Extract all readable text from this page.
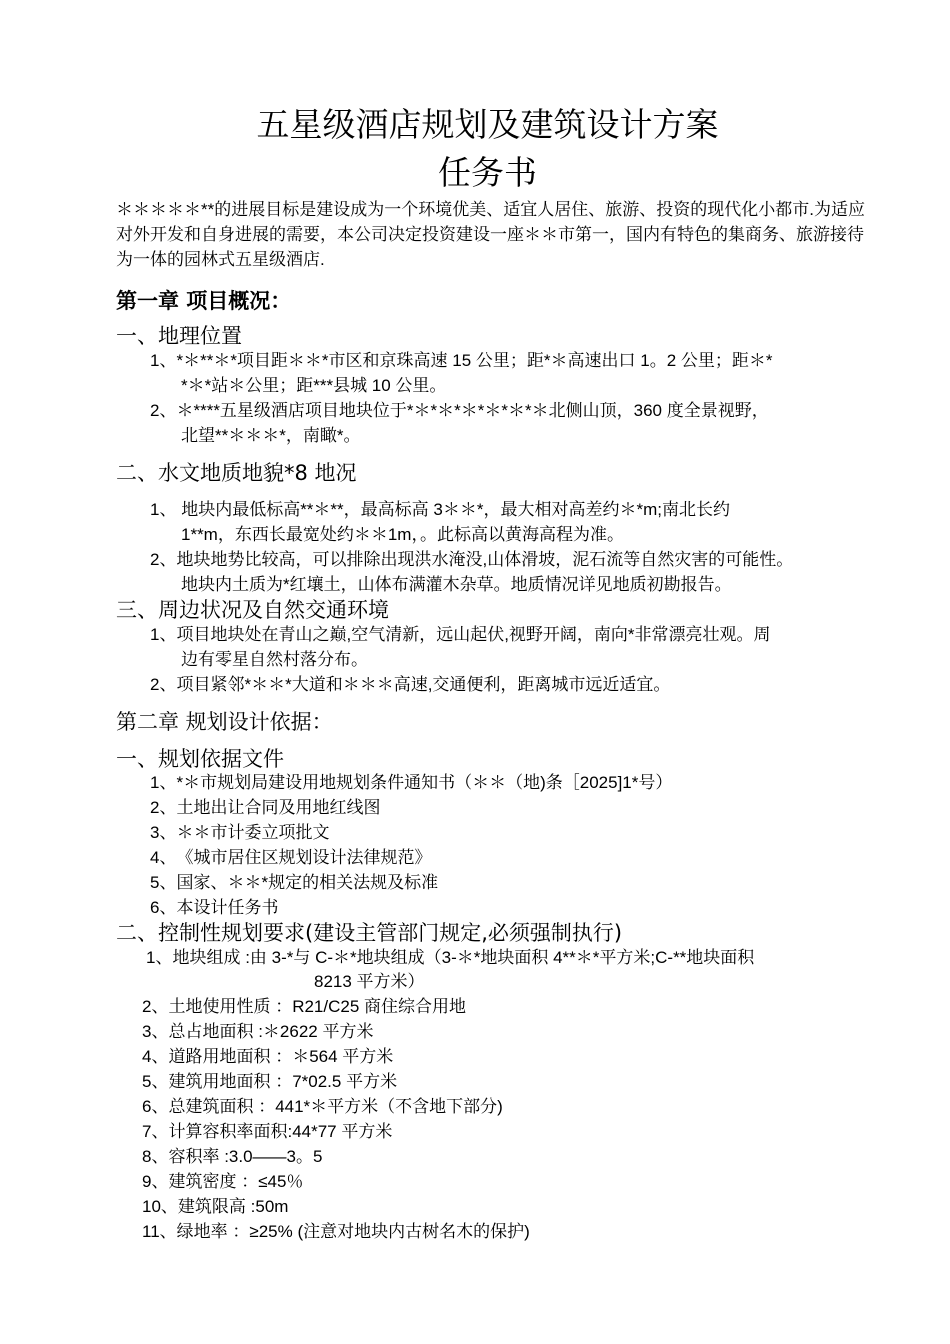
五星级酒店规划及建筑设计方案
任务书

＊＊＊＊＊**的进展目标是建设成为一个环境优美、适宜人居住、旅游、投资的现代化小都市.为适应对外开发和自身进展的需要，本公司决定投资建设一座＊＊市第一，国内有特色的集商务、旅游接待为一体的园林式五星级酒店.

第一章 项目概况：
一、地理位置
1、*＊**＊*项目距＊＊*市区和京珠高速 15 公里；距*＊高速出口 1。2 公里；距＊*
*＊*站＊公里；距***县城 10 公里。
2、＊****五星级酒店项目地块位于*＊*＊*＊*＊*＊*＊北侧山顶，360 度全景视野，
北望**＊＊＊*，南瞰*。
二、水文地质地貌*8 地况
1、 地块内最低标高**＊**，最高标高 3＊＊*，最大相对高差约＊*m;南北长约
1**m，东西长最宽处约＊＊1m，。此标高以黄海高程为准。
2、地块地势比较高，可以排除出现洪水淹没,山体滑坡，泥石流等自然灾害的可能性。
地块内土质为*红壤土，山体布满灌木杂草。地质情况详见地质初勘报告。
三、周边状况及自然交通环境
1、项目地块处在青山之巅,空气清新，远山起伏,视野开阔，南向*非常漂亮壮观。周
边有零星自然村落分布。
2、项目紧邻*＊＊*大道和＊＊＊高速,交通便利，距离城市远近适宜。
第二章 规划设计依据：
一、规划依据文件
1、*＊市规划局建设用地规划条件通知书（＊＊（地)条［2025]1*号）
2、土地出让合同及用地红线图
3、＊＊市计委立项批文
4、《城市居住区规划设计法律规范》
5、国家、＊＊*规定的相关法规及标准
6、本设计任务书
二、控制性规划要求(建设主管部门规定,必须强制执行)
1、地块组成 :由 3-*与 C-＊*地块组成（3-＊*地块面积 4**＊*平方米;C-**地块面积
8213 平方米）
2、土地使用性质 ：R21/C25 商住综合用地
3、总占地面积 :＊2622 平方米
4、道路用地面积 ：＊564 平方米
5、建筑用地面积 ：7*02.5 平方米
6、总建筑面积 ：441*＊平方米（不含地下部分)
7、计算容积率面积:44*77 平方米
8、容积率 :3.0——3。5
9、建筑密度 ：≤45％
10、建筑限高 :50m
11、绿地率 ：≥25% (注意对地块内古树名木的保护)
